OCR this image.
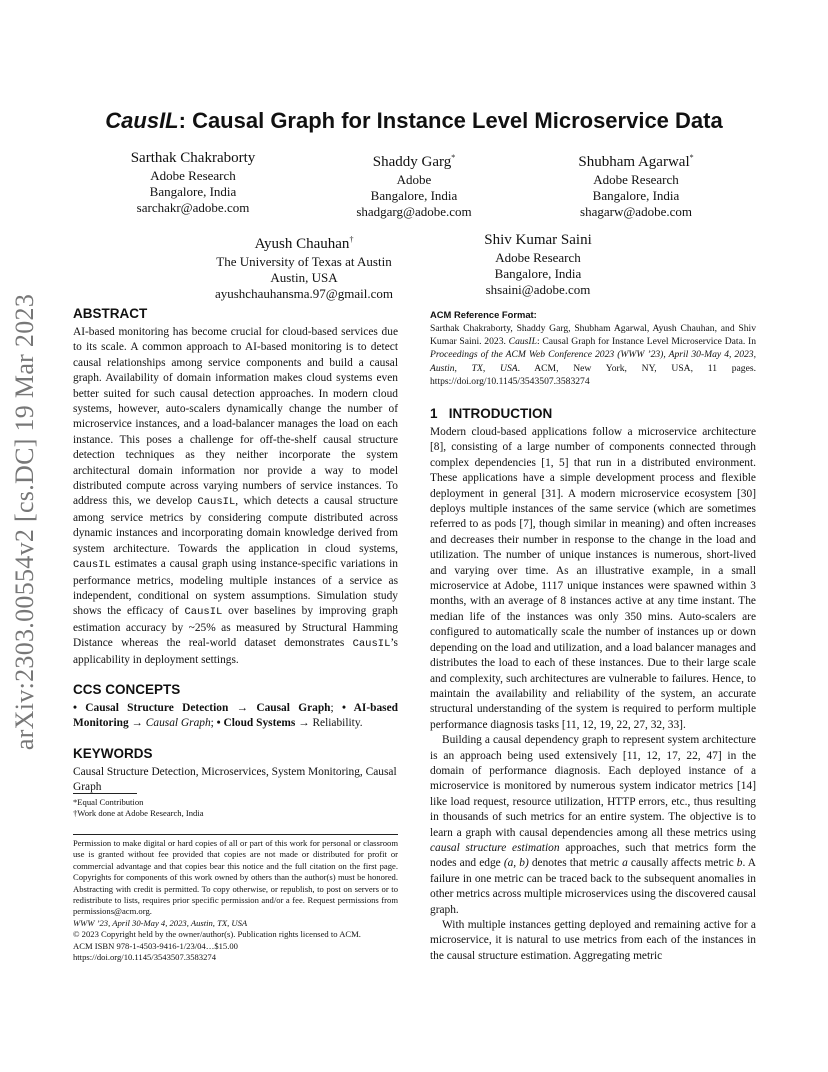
CausIL: Causal Graph for Instance Level Microservice Data
arXiv:2303.00554v2 [cs.DC] 19 Mar 2023
Sarthak Chakraborty
Adobe Research
Bangalore, India
sarchakr@adobe.com
Shaddy Garg*
Adobe
Bangalore, India
shadgarg@adobe.com
Shubham Agarwal*
Adobe Research
Bangalore, India
shagarw@adobe.com
Ayush Chauhan†
The University of Texas at Austin
Austin, USA
ayushchauhansma.97@gmail.com
Shiv Kumar Saini
Adobe Research
Bangalore, India
shsaini@adobe.com
ABSTRACT

AI-based monitoring has become crucial for cloud-based services due to its scale. A common approach to AI-based monitoring is to detect causal relationships among service components and build a causal graph. Availability of domain information makes cloud systems even better suited for such causal detection approaches. In modern cloud systems, however, auto-scalers dynamically change the number of microservice instances, and a load-balancer manages the load on each instance. This poses a challenge for off-the-shelf causal structure detection techniques as they neither incorporate the system architectural domain information nor provide a way to model distributed compute across varying numbers of service instances. To address this, we develop CausIL, which detects a causal structure among service metrics by considering compute distributed across dynamic instances and incorporating domain knowledge derived from system architecture. Towards the application in cloud systems, CausIL estimates a causal graph using instance-specific variations in performance metrics, modeling multiple instances of a service as independent, conditional on system assumptions. Simulation study shows the efficacy of CausIL over baselines by improving graph estimation accuracy by ~25% as measured by Structural Hamming Distance whereas the real-world dataset demonstrates CausIL’s applicability in deployment settings.

CCS CONCEPTS

• Causal Structure Detection → Causal Graph; • AI-based Monitoring → Causal Graph; • Cloud Systems → Reliability.

KEYWORDS

Causal Structure Detection, Microservices, System Monitoring, Causal Graph

*Equal Contribution
†Work done at Adobe Research, India
Permission to make digital or hard copies of all or part of this work for personal or classroom use is granted without fee provided that copies are not made or distributed for profit or commercial advantage and that copies bear this notice and the full citation on the first page. Copyrights for components of this work owned by others than the author(s) must be honored. Abstracting with credit is permitted. To copy otherwise, or republish, to post on servers or to redistribute to lists, requires prior specific permission and/or a fee. Request permissions from permissions@acm.org.
WWW ’23, April 30-May 4, 2023, Austin, TX, USA
© 2023 Copyright held by the owner/author(s). Publication rights licensed to ACM.
ACM ISBN 978-1-4503-9416-1/23/04…$15.00
https://doi.org/10.1145/3543507.3583274
ACM Reference Format:
Sarthak Chakraborty, Shaddy Garg, Shubham Agarwal, Ayush Chauhan, and Shiv Kumar Saini. 2023. CausIL: Causal Graph for Instance Level Microservice Data. In Proceedings of the ACM Web Conference 2023 (WWW ’23), April 30-May 4, 2023, Austin, TX, USA. ACM, New York, NY, USA, 11 pages. https://doi.org/10.1145/3543507.3583274
1   INTRODUCTION

Modern cloud-based applications follow a microservice architecture [8], consisting of a large number of components connected through complex dependencies [1, 5] that run in a distributed environment. These applications have a simple development process and flexible deployment in general [31]. A modern microservice ecosystem [30] deploys multiple instances of the same service (which are sometimes referred to as pods [7], though similar in meaning) and often increases and decreases their number in response to the change in the load and utilization. The number of unique instances is numerous, short-lived and varying over time. As an illustrative example, in a small microservice at Adobe, 1117 unique instances were spawned within 3 months, with an average of 8 instances active at any time instant. The median life of the instances was only 350 mins. Auto-scalers are configured to automatically scale the number of instances up or down depending on the load and utilization, and a load balancer manages and distributes the load to each of these instances. Due to their large scale and complexity, such architectures are vulnerable to failures. Hence, to maintain the availability and reliability of the system, an accurate structural understanding of the system is required to perform multiple performance diagnosis tasks [11, 12, 19, 22, 27, 32, 33].

Building a causal dependency graph to represent system architecture is an approach being used extensively [11, 12, 17, 22, 47] in the domain of performance diagnosis. Each deployed instance of a microservice is monitored by numerous system indicator metrics [14] like load request, resource utilization, HTTP errors, etc., thus resulting in thousands of such metrics for an entire system. The objective is to learn a graph with causal dependencies among all these metrics using causal structure estimation approaches, such that metrics form the nodes and edge (a, b) denotes that metric a causally affects metric b. A failure in one metric can be traced back to the subsequent anomalies in other metrics across multiple microservices using the discovered causal graph.

With multiple instances getting deployed and remaining active for a microservice, it is natural to use metrics from each of the instances in the causal structure estimation. Aggregating metric
